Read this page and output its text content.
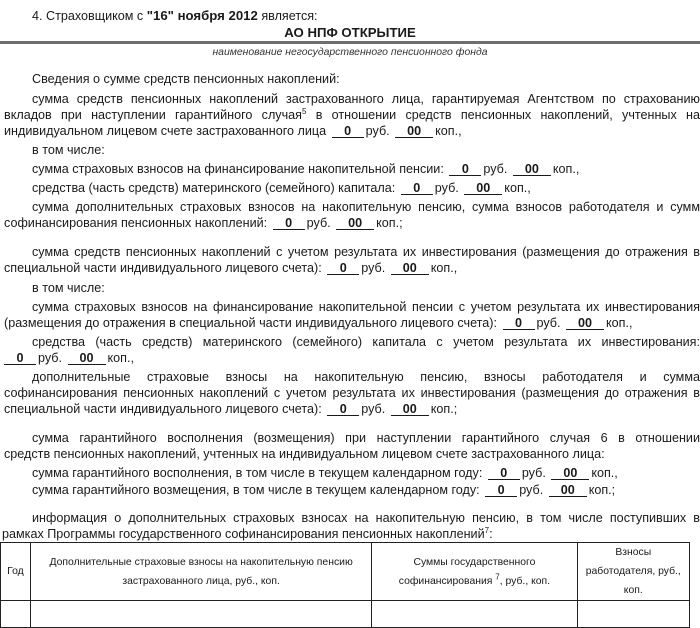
4. Страховщиком с "16" ноября 2012 является:
АО НПФ ОТКРЫТИЕ
наименование негосударственного пенсионного фонда
Сведения о сумме средств пенсионных накоплений:
сумма средств пенсионных накоплений застрахованного лица, гарантируемая Агентством по страхованию
вкладов при наступлении гарантийного случая$^5$ в отношении средств пенсионных накоплений, учтенных на
индивидуальном лицевом счете застрахованного лица 0 руб. 00 коп.,
в том числе:
сумма страховых взносов на финансирование накопительной пенсии: 0 руб. 00 коп.,
средства (часть средств) материнского (семейного) капитала: 0 руб. 00 коп.,
сумма дополнительных страховых взносов на накопительную пенсию, сумма взносов работодателя и сумм
софинансирования пенсионных накоплений: 0 руб. 00 коп.;
сумма средств пенсионных накоплений с учетом результата их инвестирования (размещения до отражения в
специальной части индивидуального лицевого счета): 0 руб. 00 коп.,
в том числе:
сумма страховых взносов на финансирование накопительной пенсии с учетом результата их инвестирования
(размещения до отражения в специальной части индивидуального лицевого счета): 0 руб. 00 коп.,
средства (часть средств) материнского (семейного) капитала с учетом результата их инвестирования:
0 руб. 00 коп.,
дополнительные страховые взносы на накопительную пенсию, взносы работодателя и сумма
софинансирования пенсионных накоплений с учетом результата их инвестирования (размещения до отражения в
специальной части индивидуального лицевого счета): 0 руб. 00 коп.;
сумма гарантийного восполнения (возмещения) при наступлении гарантийного случая 6 в отношении
средств пенсионных накоплений, учтенных на индивидуальном лицевом счете застрахованного лица:
сумма гарантийного восполнения, в том числе в текущем календарном году: 0 руб. 00 коп.,
сумма гарантийного возмещения, в том числе в текущем календарном году: 0 руб. 00 коп.;
информация о дополнительных страховых взносах на накопительную пенсию, в том числе поступивших в
рамках Программы государственного софинансирования пенсионных накоплений$^7$:
Год	Дополнительные страховые взносы на накопительную пенсию застрахованного лица, руб., коп.	Суммы государственного
софинансирования $^7$, руб., коп.	Взносы работодателя, руб., коп.
